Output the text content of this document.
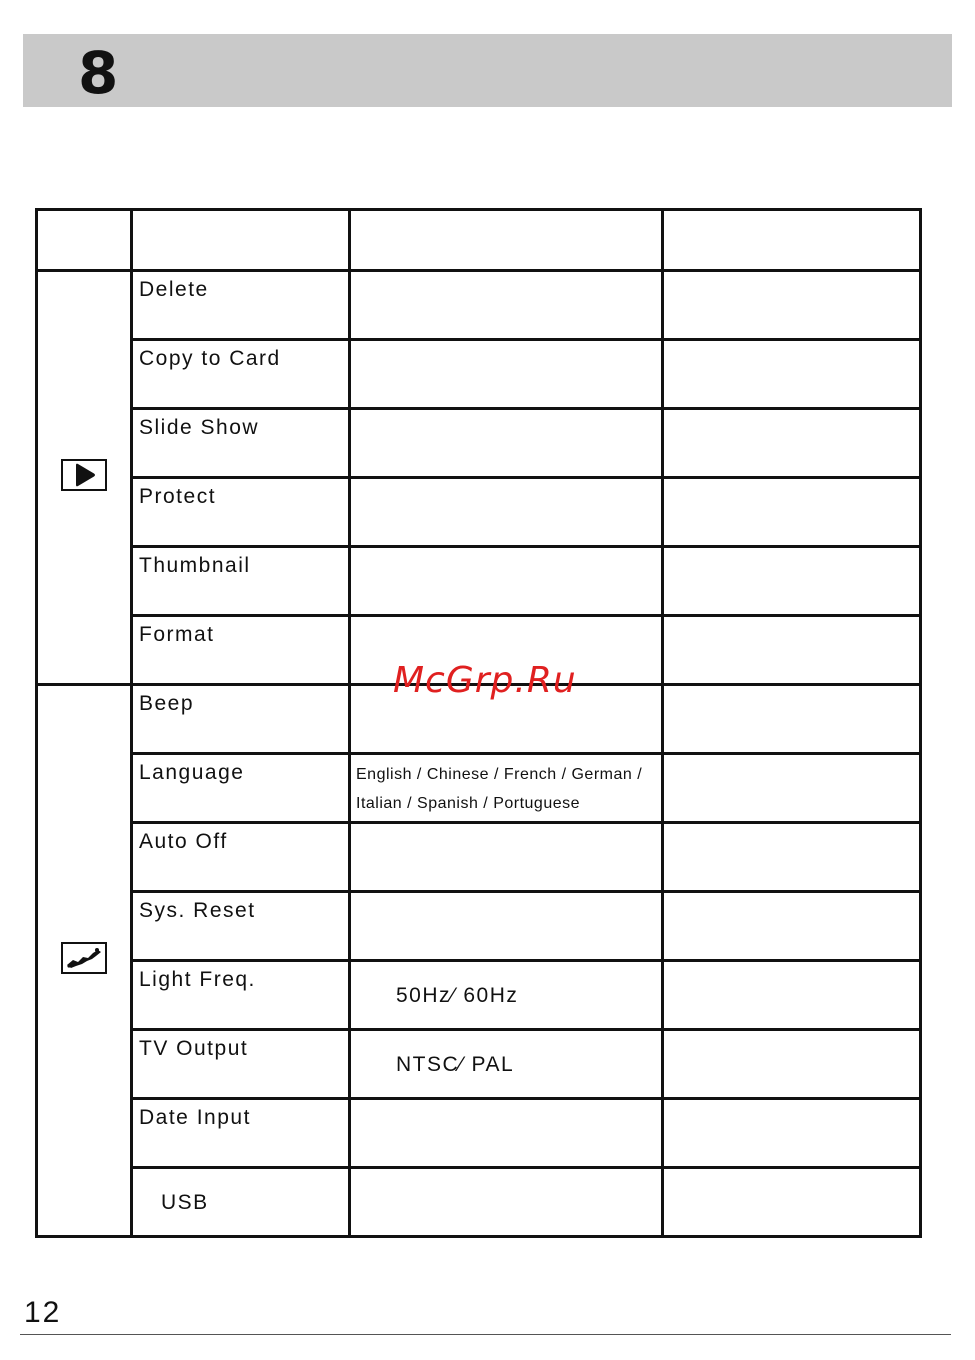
8

Delete		

	Copy to Card		

	Slide Show		

	Protect		

	Thumbnail		

	Format		

Beep		

	Language	English / Chinese / French / German /
Italian / Spanish / Portuguese	

	Auto Off		

	Sys. Reset		

	Light Freq.	50Hz∕ 60Hz	

	TV Output	NTSC∕ PAL	

	Date Input		

	USB		

McGrp.Ru
12
